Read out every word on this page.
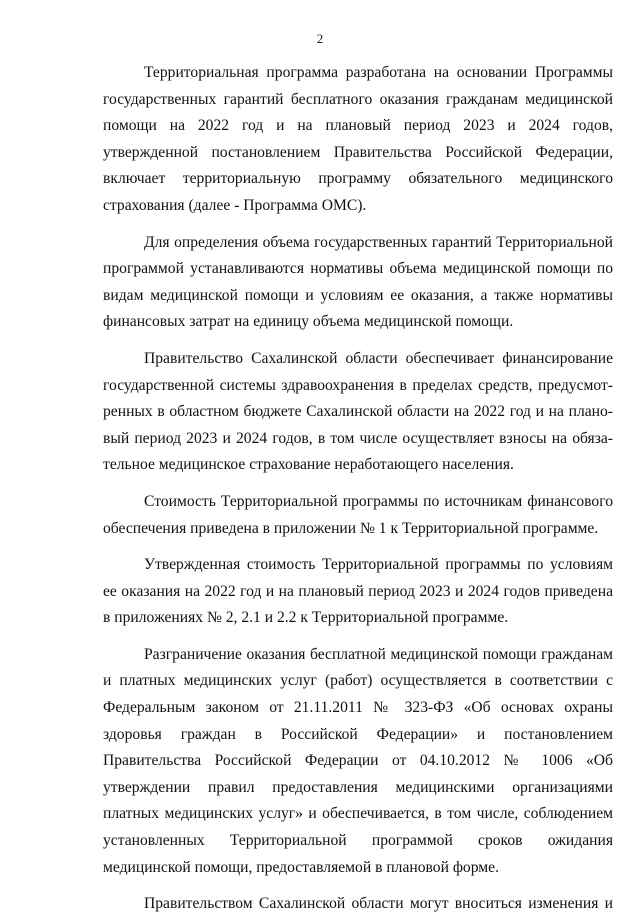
2

Территориальная программа разработана на основании Программы государственных гарантий бесплатного оказания гражданам медицинской помощи на 2022 год и на плановый период 2023 и 2024 годов, утвержденной постановлением Правительства Российской Федерации, включает территориальную программу обязательного медицинского страхования (далее - Программа ОМС).

Для определения объема государственных гарантий Территориальной программой устанавливаются нормативы объема медицинской помощи по видам медицинской помощи и условиям ее оказания, а также нормативы финансовых затрат на единицу объема медицинской помощи.

Правительство Сахалинской области обеспечивает финансирование государственной системы здравоохранения в пределах средств, предусмотренных в областном бюджете Сахалинской области на 2022 год и на плановый период 2023 и 2024 годов, в том числе осуществляет взносы на обязательное медицинское страхование неработающего населения.

Стоимость Территориальной программы по источникам финансового обеспечения приведена в приложении № 1 к Территориальной программе.

Утвержденная стоимость Территориальной программы по условиям ее оказания на 2022 год и на плановый период 2023 и 2024 годов приведена в приложениях № 2, 2.1 и 2.2 к Территориальной программе.

Разграничение оказания бесплатной медицинской помощи гражданам и платных медицинских услуг (работ) осуществляется в соответствии с Федеральным законом от 21.11.2011 № 323-ФЗ «Об основах охраны здоровья граждан в Российской Федерации» и постановлением Правительства Российской Федерации от 04.10.2012 № 1006 «Об утверждении правил предоставления медицинскими организациями платных медицинских услуг» и обеспечивается, в том числе, соблюдением установленных Территориальной программой сроков ожидания медицинской помощи, предоставляемой в плановой форме.

Правительством Сахалинской области могут вноситься изменения и
